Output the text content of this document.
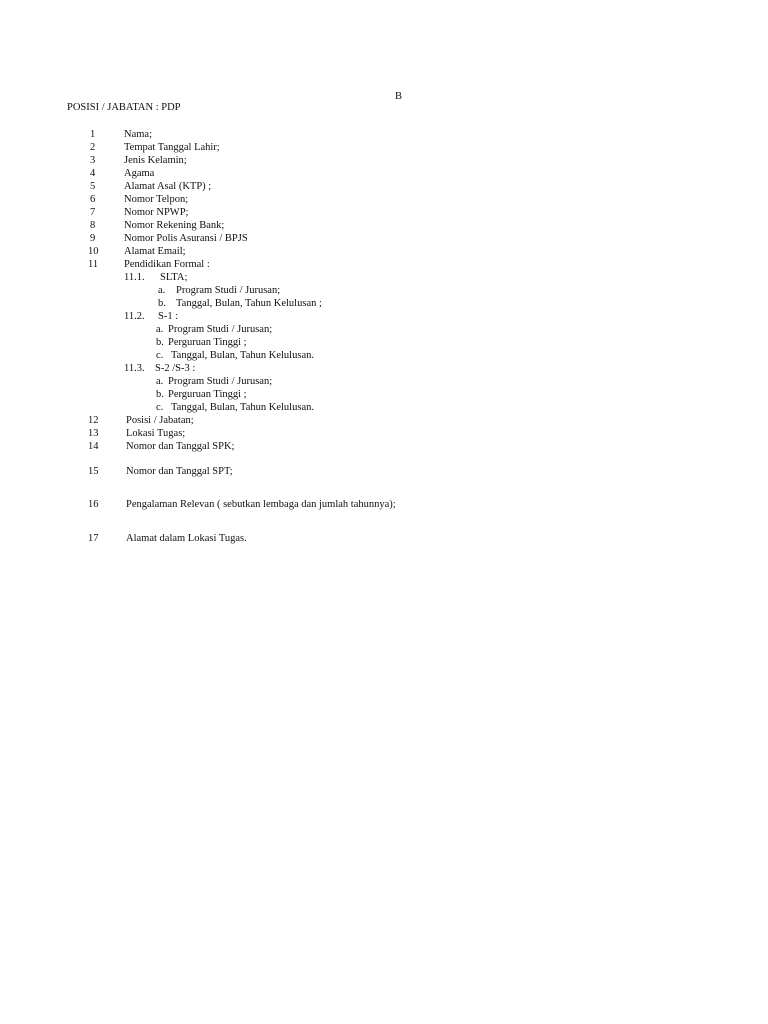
B
POSISI / JABATAN : PDP
1	Nama;
2	Tempat Tanggal Lahir;
3	Jenis Kelamin;
4	Agama
5	Alamat Asal (KTP) ;
6	Nomor Telpon;
7	Nomor NPWP;
8	Nomor Rekening Bank;
9	Nomor Polis Asuransi / BPJS
10 Alamat Email;
11 Pendidikan Formal :
11.1. SLTA;
a. Program Studi / Jurusan;
b. Tanggal, Bulan, Tahun Kelulusan ;
11.2. S-1 :
a. Program Studi / Jurusan;
b. Perguruan Tinggi ;
c. Tanggal, Bulan, Tahun Kelulusan.
11.3. S-2 /S-3 :
a. Program Studi / Jurusan;
b. Perguruan Tinggi ;
c. Tanggal, Bulan, Tahun Kelulusan.
12	Posisi / Jabatan;
13	Lokasi Tugas;
14	Nomor dan Tanggal SPK;
15	Nomor dan Tanggal SPT;
16	Pengalaman Relevan ( sebutkan lembaga dan jumlah tahunnya);
17	Alamat dalam Lokasi Tugas.
